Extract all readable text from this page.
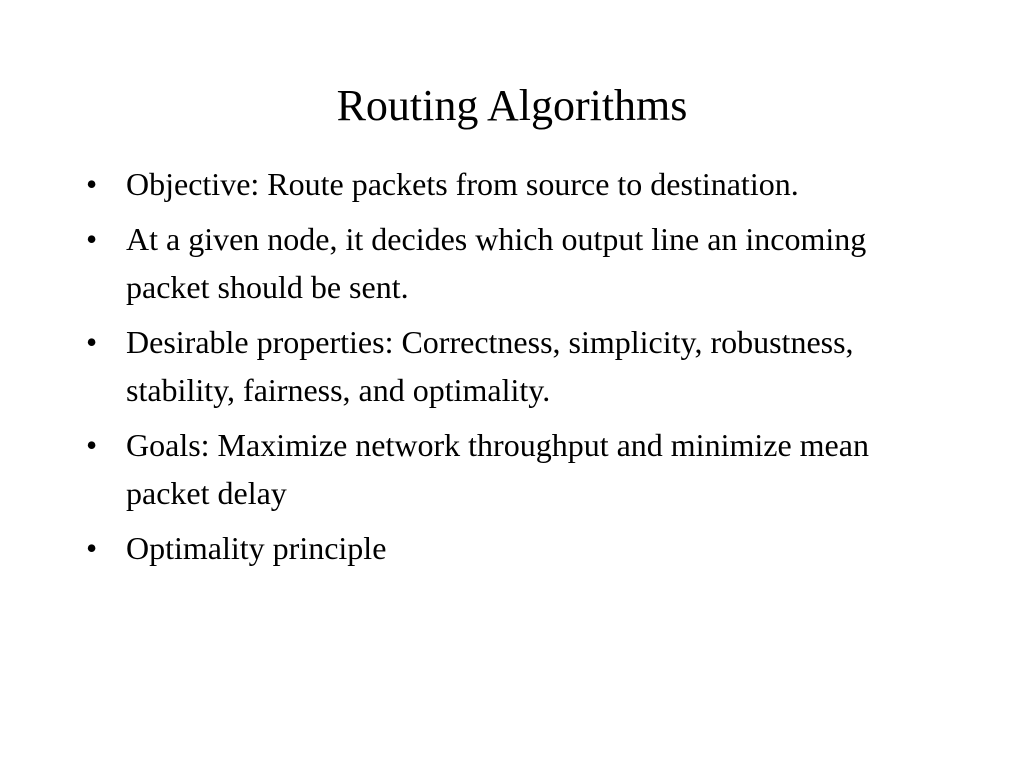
Routing Algorithms
• Objective: Route packets from source to destination.
• At a given node, it decides which output line an incoming packet should be sent.
• Desirable properties: Correctness, simplicity, robustness, stability, fairness, and optimality.
• Goals: Maximize network throughput and minimize mean packet delay
• Optimality principle
